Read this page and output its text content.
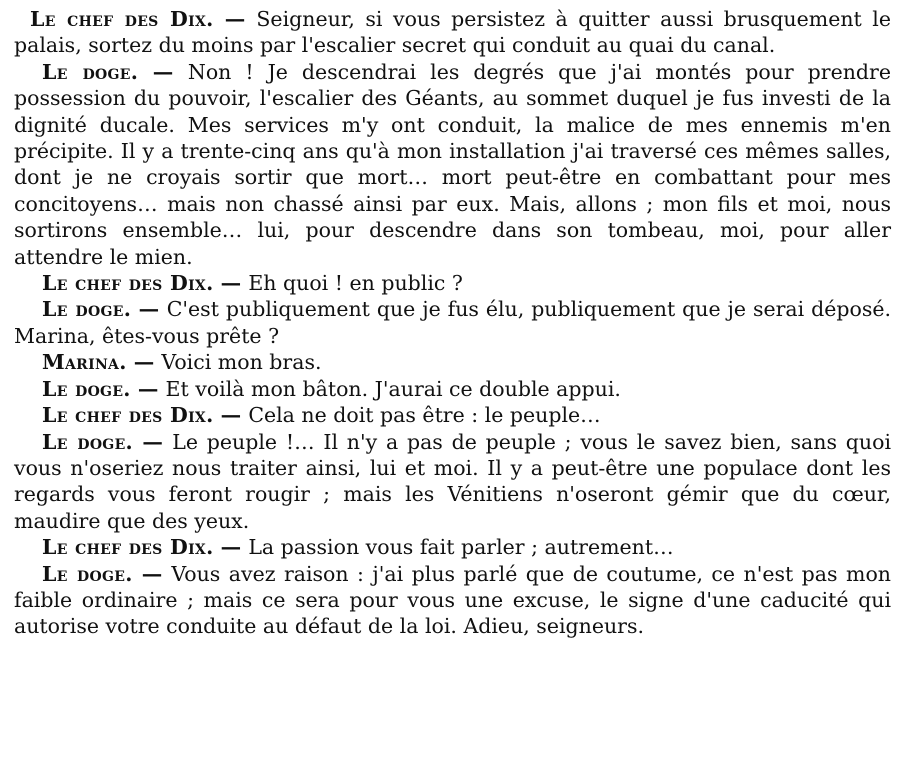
Le chef des Dix. — Seigneur, si vous persistez à quitter aussi brusquement le palais, sortez du moins par l'escalier secret qui conduit au quai du canal.

Le doge. — Non ! Je descendrai les degrés que j'ai montés pour prendre possession du pouvoir, l'escalier des Géants, au sommet duquel je fus investi de la dignité ducale. Mes services m'y ont conduit, la malice de mes ennemis m'en précipite. Il y a trente-cinq ans qu'à mon installation j'ai traversé ces mêmes salles, dont je ne croyais sortir que mort… mort peut-être en combattant pour mes concitoyens… mais non chassé ainsi par eux. Mais, allons ; mon fils et moi, nous sortirons ensemble… lui, pour descendre dans son tombeau, moi, pour aller attendre le mien.

Le chef des Dix. — Eh quoi ! en public ?

Le doge. — C'est publiquement que je fus élu, publiquement que je serai déposé. Marina, êtes-vous prête ?

Marina. — Voici mon bras.

Le doge. — Et voilà mon bâton. J'aurai ce double appui.

Le chef des Dix. — Cela ne doit pas être : le peuple…

Le doge. — Le peuple !… Il n'y a pas de peuple ; vous le savez bien, sans quoi vous n'oseriez nous traiter ainsi, lui et moi. Il y a peut-être une populace dont les regards vous feront rougir ; mais les Vénitiens n'oseront gémir que du cœur, maudire que des yeux.

Le chef des Dix. — La passion vous fait parler ; autrement…

Le doge. — Vous avez raison : j'ai plus parlé que de coutume, ce n'est pas mon faible ordinaire ; mais ce sera pour vous une excuse, le signe d'une caducité qui autorise votre conduite au défaut de la loi. Adieu, seigneurs.
